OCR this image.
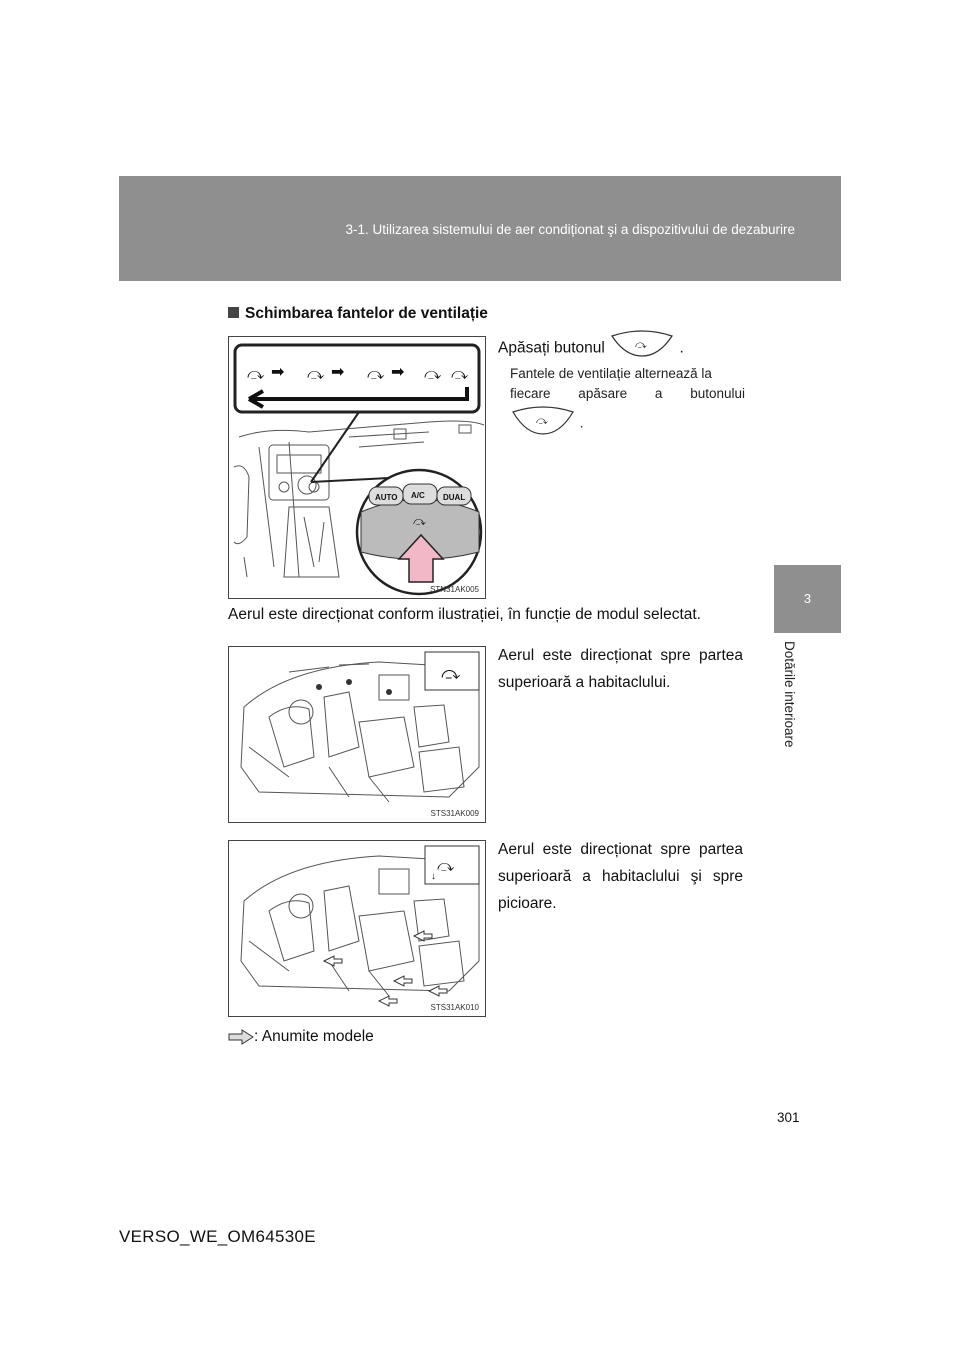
3-1. Utilizarea sistemului de aer condiționat şi a dispozitivului de dezaburire
3
Dotările interioare
Schimbarea fantelor de ventilație
⤼ ➡ ⤼ ➡ ⤼ ➡ ⤼ ⤼
AUTO A/C DUAL
⤼
STN31AK005
Apăsați butonul	⤼ .
Fantele de ventilație alternează la
fiecare apăsare a butonului
⤼ .
Aerul este direcționat conform ilustrației, în funcție de modul selectat.
⤼
STS31AK009
Aerul este direcționat spre partea superioară a habitaclului.
⤼
↓
STS31AK010
Aerul este direcționat spre partea superioară a habitaclului şi spre picioare.
: Anumite modele
301
VERSO_WE_OM64530E
